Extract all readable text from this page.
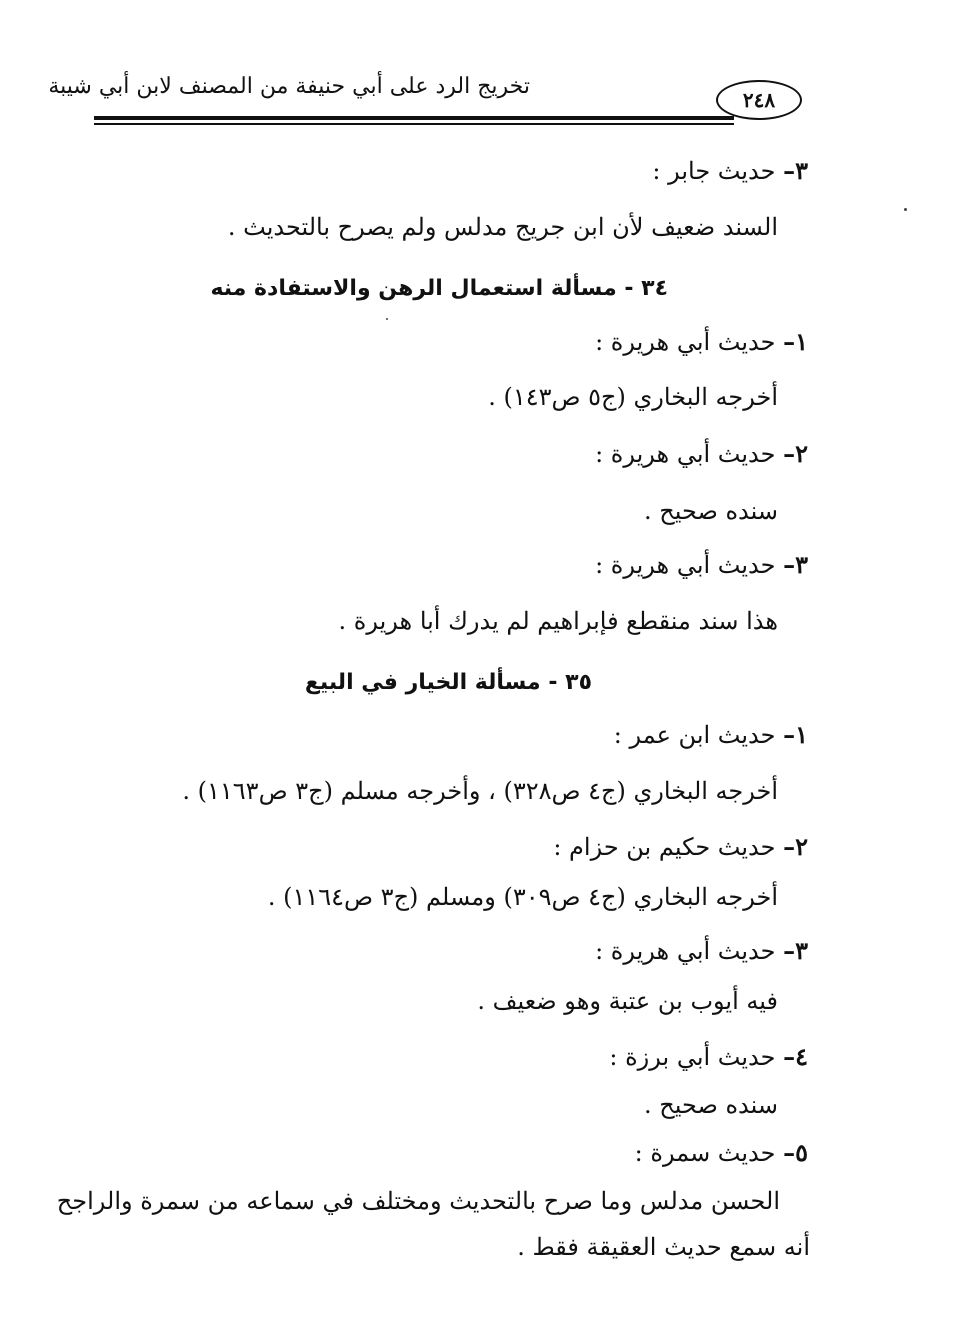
تخريج الرد على أبي حنيفة من المصنف لابن أبي شيبة
٢٤٨
٣– حديث جابر :
السند ضعيف لأن ابن جريج مدلس ولم يصرح بالتحديث .
٣٤ - مسألة استعمال الرهن والاستفادة منه
١– حديث أبي هريرة :
أخرجه البخاري (ج٥ ص١٤٣) .
٢– حديث أبي هريرة :
سنده صحيح .
٣– حديث أبي هريرة :
هذا سند منقطع فإبراهيم لم يدرك أبا هريرة .
٣٥ - مسألة الخيار في البيع
١– حديث ابن عمر :
أخرجه البخاري (ج٤ ص٣٢٨) ، وأخرجه مسلم (ج٣ ص١١٦٣) .
٢– حديث حكيم بن حزام :
أخرجه البخاري (ج٤ ص٣٠٩) ومسلم (ج٣ ص١١٦٤) .
٣– حديث أبي هريرة :
فيه أيوب بن عتبة وهو ضعيف .
٤– حديث أبي برزة :
سنده صحيح .
٥– حديث سمرة :
الحسن مدلس وما صرح بالتحديث ومختلف في سماعه من سمرة والراجح
أنه سمع حديث العقيقة فقط .
